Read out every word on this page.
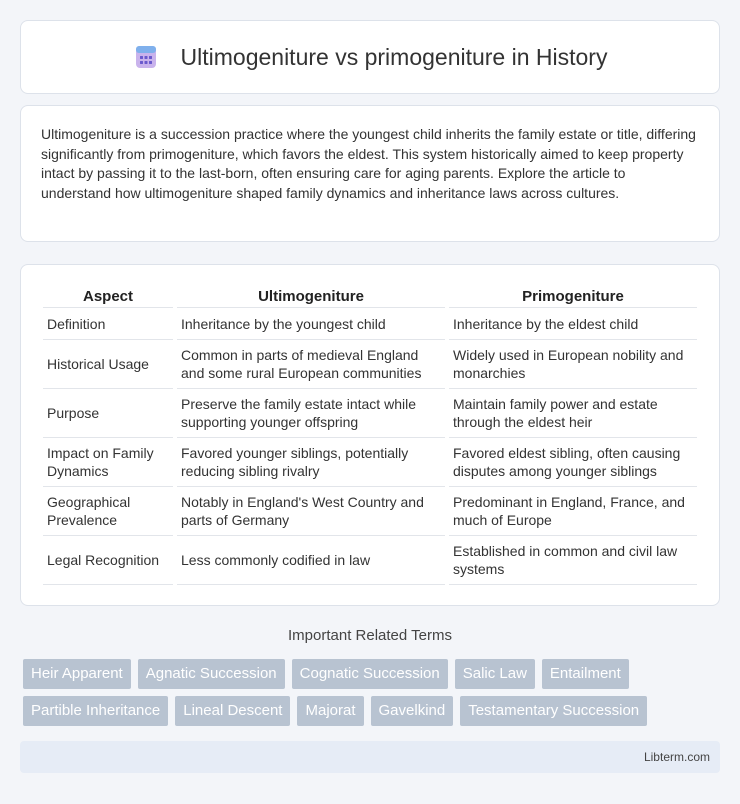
Ultimogeniture vs primogeniture in History

Ultimogeniture is a succession practice where the youngest child inherits the family estate or title, differing significantly from primogeniture, which favors the eldest. This system historically aimed to keep property intact by passing it to the last-born, often ensuring care for aging parents. Explore the article to understand how ultimogeniture shaped family dynamics and inheritance laws across cultures.

Aspect	Ultimogeniture	Primogeniture
Definition	Inheritance by the youngest child	Inheritance by the eldest child
Historical Usage	Common in parts of medieval England and some rural European communities	Widely used in European nobility and monarchies
Purpose	Preserve the family estate intact while supporting younger offspring	Maintain family power and estate through the eldest heir
Impact on Family Dynamics	Favored younger siblings, potentially reducing sibling rivalry	Favored eldest sibling, often causing disputes among younger siblings
Geographical Prevalence	Notably in England's West Country and parts of Germany	Predominant in England, France, and much of Europe
Legal Recognition	Less commonly codified in law	Established in common and civil law systems
Important Related Terms
Heir Apparent	Agnatic Succession	Cognatic Succession	Salic Law	Entailment
Partible Inheritance	Lineal Descent	Majorat	Gavelkind	Testamentary Succession
Libterm.com
